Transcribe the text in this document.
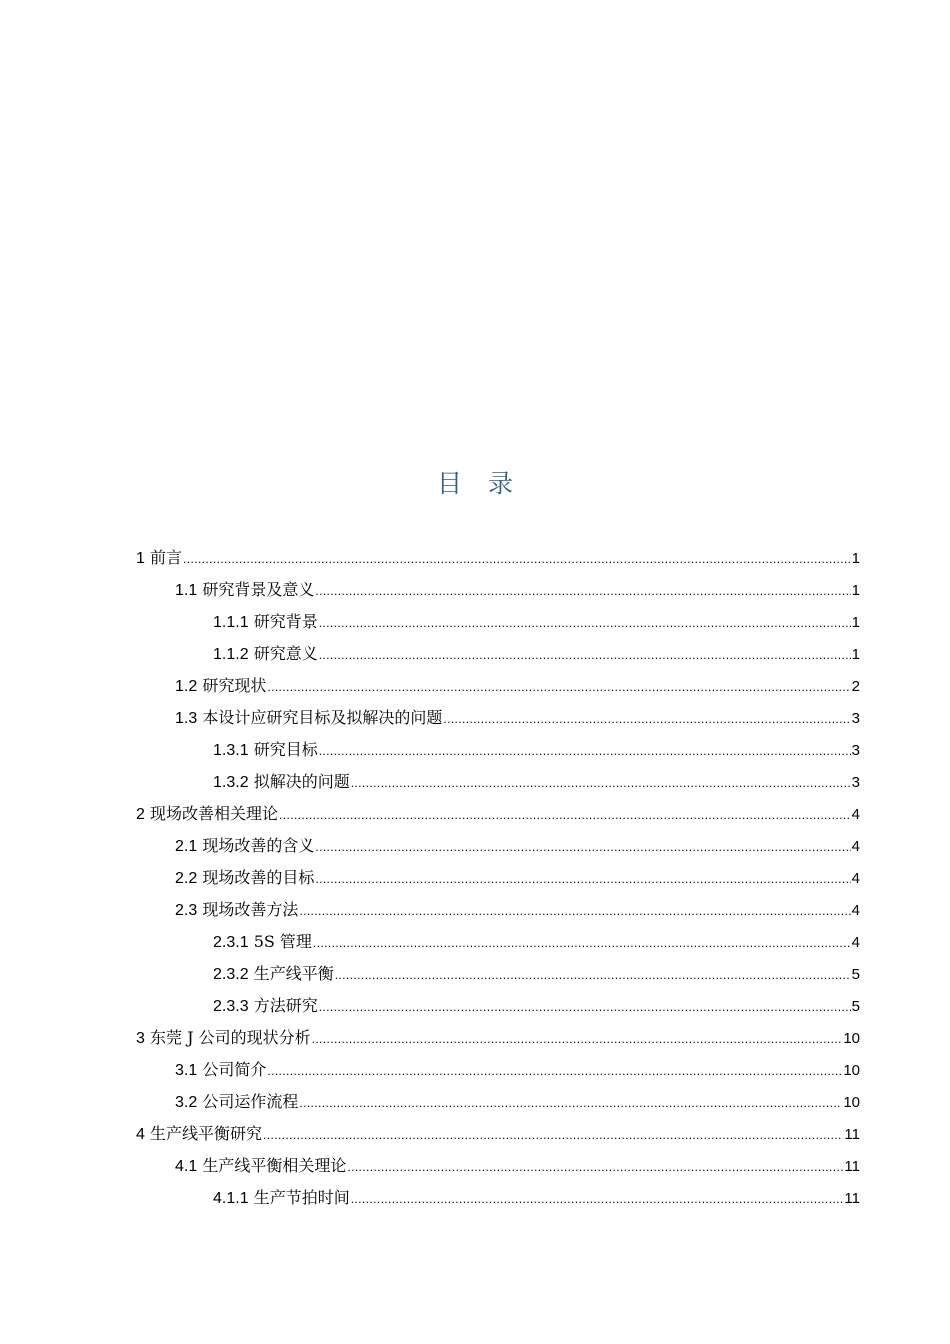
目 录
1 前言 .....	1
1.1 研究背景及意义 .....	1
1.1.1 研究背景 .....	1
1.1.2 研究意义 .....	1
1.2 研究现状 .....	2
1.3 本设计应研究目标及拟解决的问题 .....	3
1.3.1 研究目标 .....	3
1.3.2 拟解决的问题 .....	3
2 现场改善相关理论 .....	4
2.1 现场改善的含义 .....	4
2.2 现场改善的目标 .....	4
2.3 现场改善方法 .....	4
2.3.1 5S 管理 .....	4
2.3.2 生产线平衡 .....	5
2.3.3 方法研究 .....	5
3 东莞 J 公司的现状分析 .....	10
3.1 公司简介 .....	10
3.2 公司运作流程 .....	10
4 生产线平衡研究 .....	11
4.1 生产线平衡相关理论 .....	11
4.1.1 生产节拍时间 .....	11
